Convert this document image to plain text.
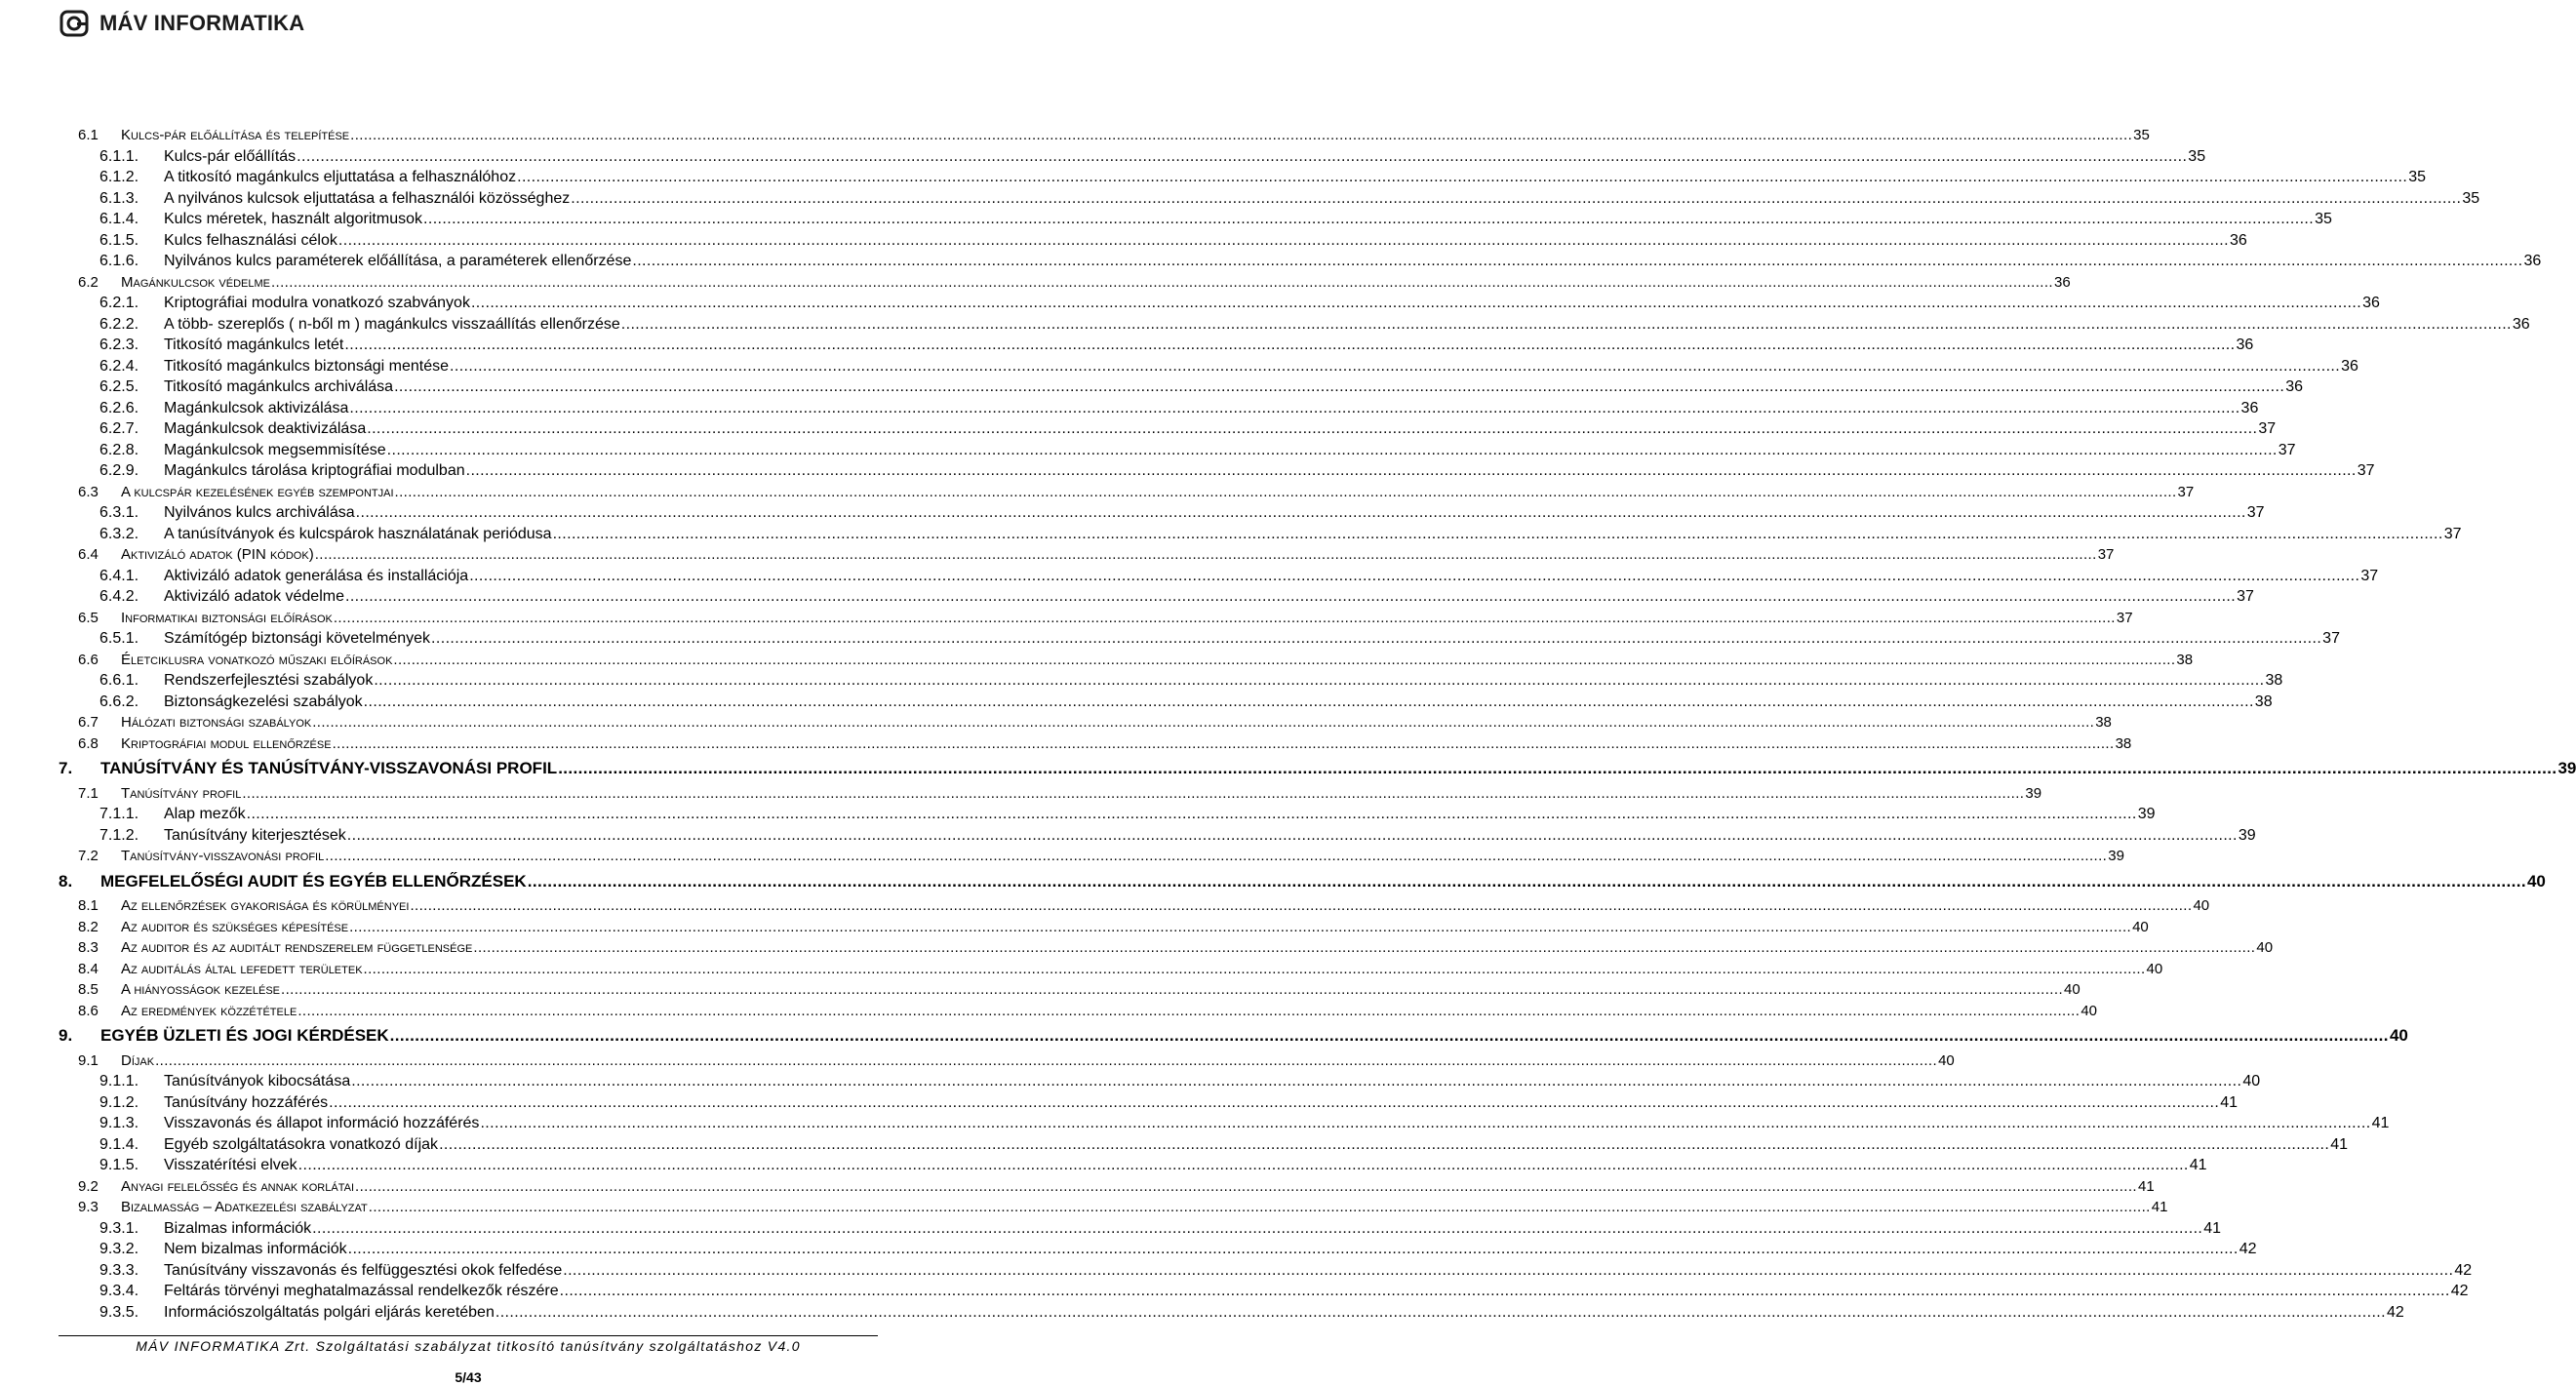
MÁV INFORMATIKA
6.1 Kulcs-pár előállítása és telepítése ................................................................................................................................................................................................................................................................................................................................................................................................................ 35
6.1.1. Kulcs-pár előállítás ................................................................................................................................................................................................................................................................................................................................................................................................................ 35
6.1.2. A titkosító magánkulcs eljuttatása a felhasználóhoz ................................................................................................................................................................................................................................................................................................................................................................................................................ 35
6.1.3. A nyilvános kulcsok eljuttatása a felhasználói közösséghez ................................................................................................................................................................................................................................................................................................................................................................................................................ 35
6.1.4. Kulcs méretek, használt algoritmusok ................................................................................................................................................................................................................................................................................................................................................................................................................ 35
6.1.5. Kulcs felhasználási célok ................................................................................................................................................................................................................................................................................................................................................................................................................ 36
6.1.6. Nyilvános kulcs paraméterek előállítása, a paraméterek ellenőrzése ................................................................................................................................................................................................................................................................................................................................................................................................................ 36
6.2 Magánkulcsok védelme ................................................................................................................................................................................................................................................................................................................................................................................................................ 36
6.2.1. Kriptográfiai modulra vonatkozó szabványok ................................................................................................................................................................................................................................................................................................................................................................................................................ 36
6.2.2. A több- szereplős ( n-ből m ) magánkulcs visszaállítás ellenőrzése ................................................................................................................................................................................................................................................................................................................................................................................................................ 36
6.2.3. Titkosító magánkulcs letét ................................................................................................................................................................................................................................................................................................................................................................................................................ 36
6.2.4. Titkosító magánkulcs biztonsági mentése ................................................................................................................................................................................................................................................................................................................................................................................................................ 36
6.2.5. Titkosító magánkulcs archiválása ................................................................................................................................................................................................................................................................................................................................................................................................................ 36
6.2.6. Magánkulcsok aktivizálása ................................................................................................................................................................................................................................................................................................................................................................................................................ 36
6.2.7. Magánkulcsok deaktivizálása ................................................................................................................................................................................................................................................................................................................................................................................................................ 37
6.2.8. Magánkulcsok megsemmisítése ................................................................................................................................................................................................................................................................................................................................................................................................................ 37
6.2.9. Magánkulcs tárolása kriptográfiai modulban ................................................................................................................................................................................................................................................................................................................................................................................................................ 37
6.3 A kulcspár kezelésének egyéb szempontjai ................................................................................................................................................................................................................................................................................................................................................................................................................ 37
6.3.1. Nyilvános kulcs archiválása ................................................................................................................................................................................................................................................................................................................................................................................................................ 37
6.3.2. A tanúsítványok és kulcspárok használatának periódusa ................................................................................................................................................................................................................................................................................................................................................................................................................ 37
6.4 Aktivizáló adatok (PIN kódok) ................................................................................................................................................................................................................................................................................................................................................................................................................ 37
6.4.1. Aktivizáló adatok generálása és installációja ................................................................................................................................................................................................................................................................................................................................................................................................................ 37
6.4.2. Aktivizáló adatok védelme ................................................................................................................................................................................................................................................................................................................................................................................................................ 37
6.5 Informatikai biztonsági előírások ................................................................................................................................................................................................................................................................................................................................................................................................................ 37
6.5.1. Számítógép biztonsági követelmények ................................................................................................................................................................................................................................................................................................................................................................................................................ 37
6.6 Életciklusra vonatkozó műszaki előírások ................................................................................................................................................................................................................................................................................................................................................................................................................ 38
6.6.1. Rendszerfejlesztési szabályok ................................................................................................................................................................................................................................................................................................................................................................................................................ 38
6.6.2. Biztonságkezelési szabályok ................................................................................................................................................................................................................................................................................................................................................................................................................ 38
6.7 Hálózati biztonsági szabályok ................................................................................................................................................................................................................................................................................................................................................................................................................ 38
6.8 Kriptográfiai modul ellenőrzése ................................................................................................................................................................................................................................................................................................................................................................................................................ 38
7. TANÚSÍTVÁNY ÉS TANÚSÍTVÁNY-VISSZAVONÁSI PROFIL ................................................................................................................................................................................................................................................................................................................................................................................................................ 39
7.1 Tanúsítvány profil ................................................................................................................................................................................................................................................................................................................................................................................................................ 39
7.1.1. Alap mezők ................................................................................................................................................................................................................................................................................................................................................................................................................ 39
7.1.2. Tanúsítvány kiterjesztések ................................................................................................................................................................................................................................................................................................................................................................................................................ 39
7.2 Tanúsítvány-visszavonási profil ................................................................................................................................................................................................................................................................................................................................................................................................................ 39
8. MEGFELELŐSÉGI AUDIT ÉS EGYÉB ELLENŐRZÉSEK ................................................................................................................................................................................................................................................................................................................................................................................................................ 40
8.1 Az ellenőrzések gyakorisága és körülményei ................................................................................................................................................................................................................................................................................................................................................................................................................ 40
8.2 Az auditor és szükséges képesítése ................................................................................................................................................................................................................................................................................................................................................................................................................ 40
8.3 Az auditor és az auditált rendszerelem függetlensége ................................................................................................................................................................................................................................................................................................................................................................................................................ 40
8.4 Az auditálás által lefedett területek ................................................................................................................................................................................................................................................................................................................................................................................................................ 40
8.5 A hiányosságok kezelése ................................................................................................................................................................................................................................................................................................................................................................................................................ 40
8.6 Az eredmények közzététele ................................................................................................................................................................................................................................................................................................................................................................................................................ 40
9. EGYÉB ÜZLETI ÉS JOGI KÉRDÉSEK ................................................................................................................................................................................................................................................................................................................................................................................................................ 40
9.1 Díjak ................................................................................................................................................................................................................................................................................................................................................................................................................ 40
9.1.1. Tanúsítványok kibocsátása ................................................................................................................................................................................................................................................................................................................................................................................................................ 40
9.1.2. Tanúsítvány hozzáférés ................................................................................................................................................................................................................................................................................................................................................................................................................ 41
9.1.3. Visszavonás és állapot információ hozzáférés ................................................................................................................................................................................................................................................................................................................................................................................................................ 41
9.1.4. Egyéb szolgáltatásokra vonatkozó díjak ................................................................................................................................................................................................................................................................................................................................................................................................................ 41
9.1.5. Visszatérítési elvek ................................................................................................................................................................................................................................................................................................................................................................................................................ 41
9.2 Anyagi felelősség és annak korlátai ................................................................................................................................................................................................................................................................................................................................................................................................................ 41
9.3 Bizalmasság – Adatkezelési szabályzat ................................................................................................................................................................................................................................................................................................................................................................................................................ 41
9.3.1. Bizalmas információk ................................................................................................................................................................................................................................................................................................................................................................................................................ 41
9.3.2. Nem bizalmas információk ................................................................................................................................................................................................................................................................................................................................................................................................................ 42
9.3.3. Tanúsítvány visszavonás és felfüggesztési okok felfedése ................................................................................................................................................................................................................................................................................................................................................................................................................ 42
9.3.4. Feltárás törvényi meghatalmazással rendelkezők részére ................................................................................................................................................................................................................................................................................................................................................................................................................ 42
9.3.5. Információszolgáltatás polgári eljárás keretében ................................................................................................................................................................................................................................................................................................................................................................................................................ 42
MÁV INFORMATIKA Zrt. Szolgáltatási szabályzat titkosító tanúsítvány szolgáltatáshoz V4.0
5/43
